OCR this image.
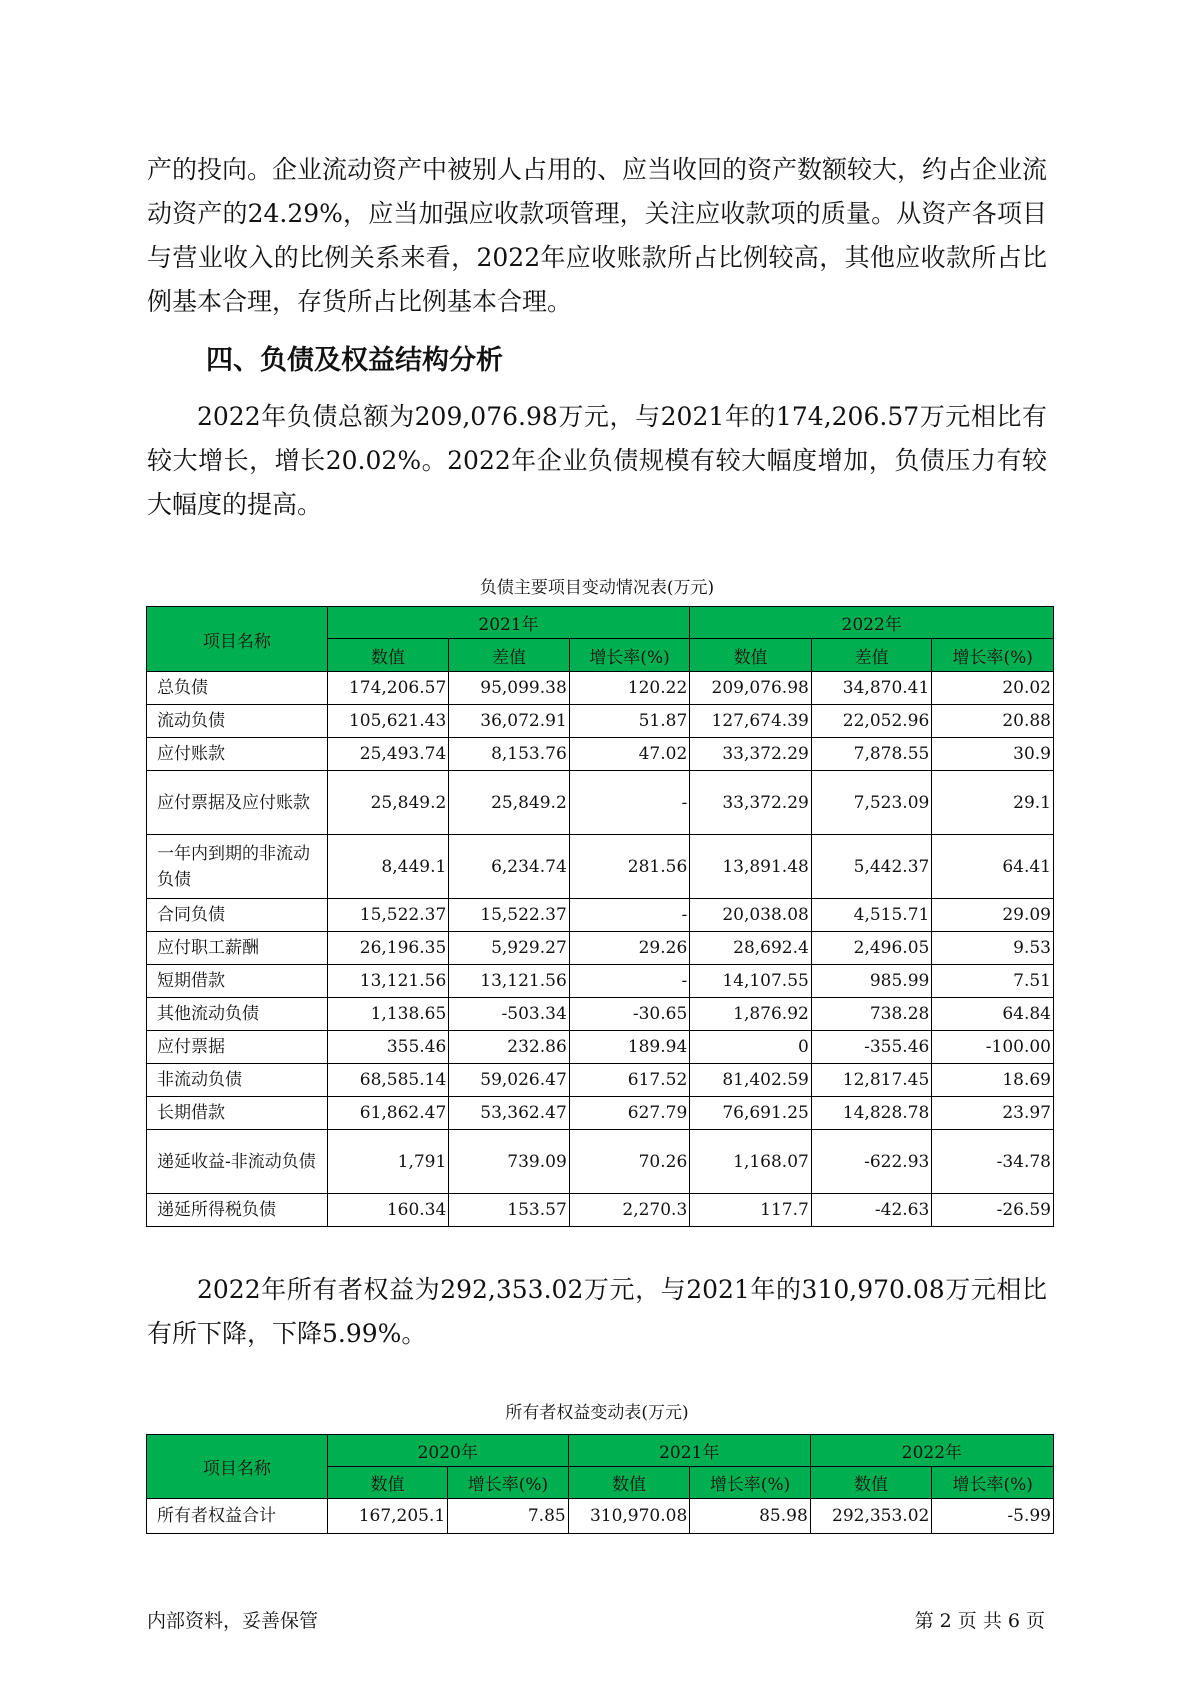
产的投向。企业流动资产中被别人占用的、应当收回的资产数额较大，约占企业流动资产的24.29%，应当加强应收款项管理，关注应收款项的质量。从资产各项目与营业收入的比例关系来看，2022年应收账款所占比例较高，其他应收款所占比例基本合理，存货所占比例基本合理。

四、负债及权益结构分析

2022年负债总额为209,076.98万元，与2021年的174,206.57万元相比有较大增长，增长20.02%。2022年企业负债规模有较大幅度增加，负债压力有较大幅度的提高。

负债主要项目变动情况表(万元)
项目名称	2021年			2022年		
	数值	差值	增长率(%)	数值	差值	增长率(%)
总负债	174,206.57	95,099.38	120.22	209,076.98	34,870.41	20.02
流动负债	105,621.43	36,072.91	51.87	127,674.39	22,052.96	20.88
应付账款	25,493.74	8,153.76	47.02	33,372.29	7,878.55	30.9
应付票据及应付账款	25,849.2	25,849.2	-	33,372.29	7,523.09	29.1
一年内到期的非流动负债	8,449.1	6,234.74	281.56	13,891.48	5,442.37	64.41
合同负债	15,522.37	15,522.37	-	20,038.08	4,515.71	29.09
应付职工薪酬	26,196.35	5,929.27	29.26	28,692.4	2,496.05	9.53
短期借款	13,121.56	13,121.56	-	14,107.55	985.99	7.51
其他流动负债	1,138.65	-503.34	-30.65	1,876.92	738.28	64.84
应付票据	355.46	232.86	189.94	0	-355.46	-100.00
非流动负债	68,585.14	59,026.47	617.52	81,402.59	12,817.45	18.69
长期借款	61,862.47	53,362.47	627.79	76,691.25	14,828.78	23.97
递延收益-非流动负债	1,791	739.09	70.26	1,168.07	-622.93	-34.78
递延所得税负债	160.34	153.57	2,270.3	117.7	-42.63	-26.59

2022年所有者权益为292,353.02万元，与2021年的310,970.08万元相比有所下降，下降5.99%。

所有者权益变动表(万元)
项目名称	2020年		2021年		2022年	
	数值	增长率(%)	数值	增长率(%)	数值	增长率(%)
所有者权益合计	167,205.1	7.85	310,970.08	85.98	292,353.02	-5.99
内部资料，妥善保管	第 2 页 共 6 页
